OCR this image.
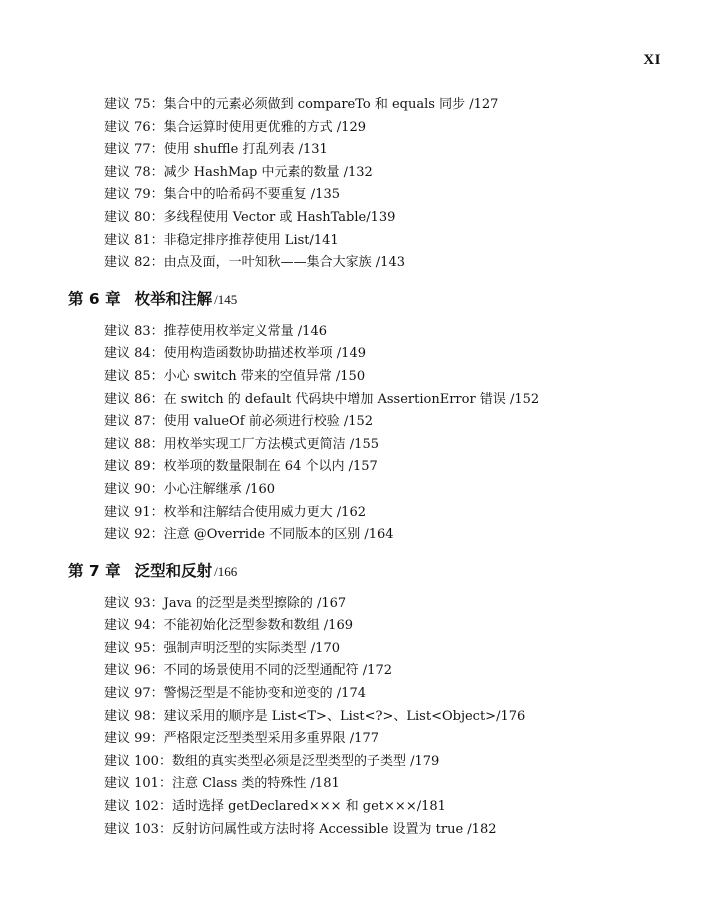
XI
建议 75：集合中的元素必须做到 compareTo 和 equals 同步 /127
建议 76：集合运算时使用更优雅的方式 /129
建议 77：使用 shuffle 打乱列表 /131
建议 78：减少 HashMap 中元素的数量 /132
建议 79：集合中的哈希码不要重复 /135
建议 80：多线程使用 Vector 或 HashTable/139
建议 81：非稳定排序推荐使用 List/141
建议 82：由点及面，一叶知秋——集合大家族 /143
第 6 章 枚举和注解 /145
建议 83：推荐使用枚举定义常量 /146
建议 84：使用构造函数协助描述枚举项 /149
建议 85：小心 switch 带来的空值异常 /150
建议 86：在 switch 的 default 代码块中增加 AssertionError 错误 /152
建议 87：使用 valueOf 前必须进行校验 /152
建议 88：用枚举实现工厂方法模式更简洁 /155
建议 89：枚举项的数量限制在 64 个以内 /157
建议 90：小心注解继承 /160
建议 91：枚举和注解结合使用威力更大 /162
建议 92：注意 @Override 不同版本的区别 /164
第 7 章 泛型和反射 /166
建议 93：Java 的泛型是类型擦除的 /167
建议 94：不能初始化泛型参数和数组 /169
建议 95：强制声明泛型的实际类型 /170
建议 96：不同的场景使用不同的泛型通配符 /172
建议 97：警惕泛型是不能协变和逆变的 /174
建议 98：建议采用的顺序是 List<T>、List<?>、List<Object>/176
建议 99：严格限定泛型类型采用多重界限 /177
建议 100：数组的真实类型必须是泛型类型的子类型 /179
建议 101：注意 Class 类的特殊性 /181
建议 102：适时选择 getDeclared××× 和 get×××/181
建议 103：反射访问属性或方法时将 Accessible 设置为 true /182
